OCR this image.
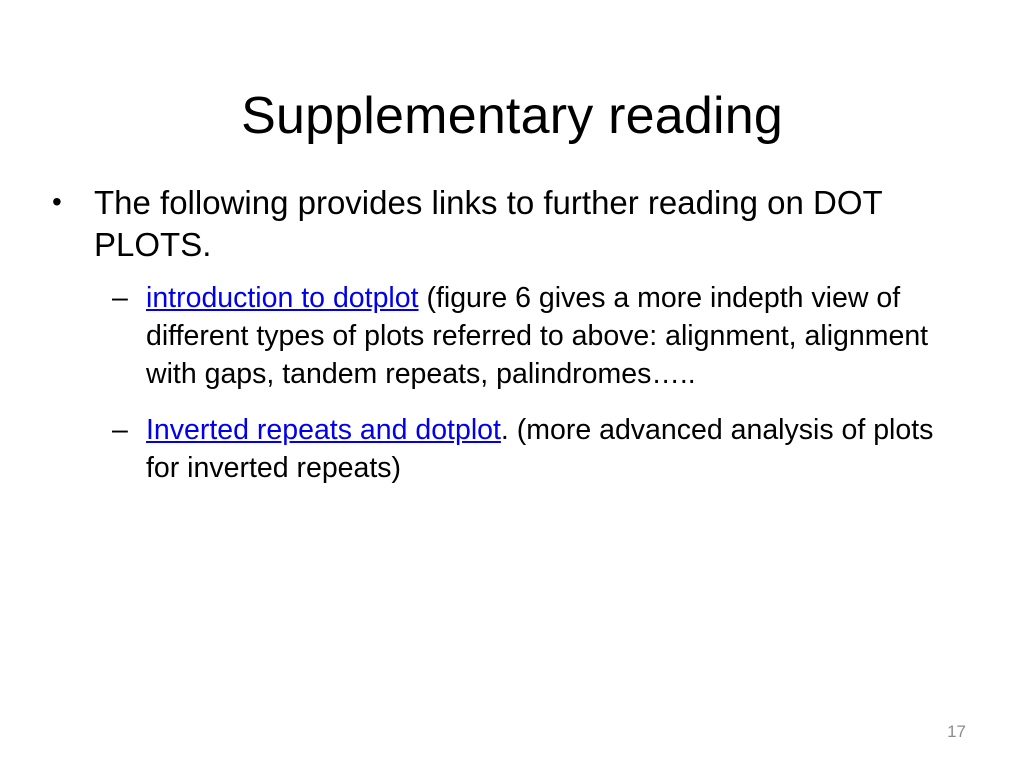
Supplementary reading
• The following provides links to further reading on DOT PLOTS.
– introduction to dotplot (figure 6 gives a more indepth view of different types of plots referred to above: alignment, alignment with gaps, tandem repeats, palindromes…..
– Inverted repeats and dotplot. (more advanced analysis of plots for inverted repeats)
17
